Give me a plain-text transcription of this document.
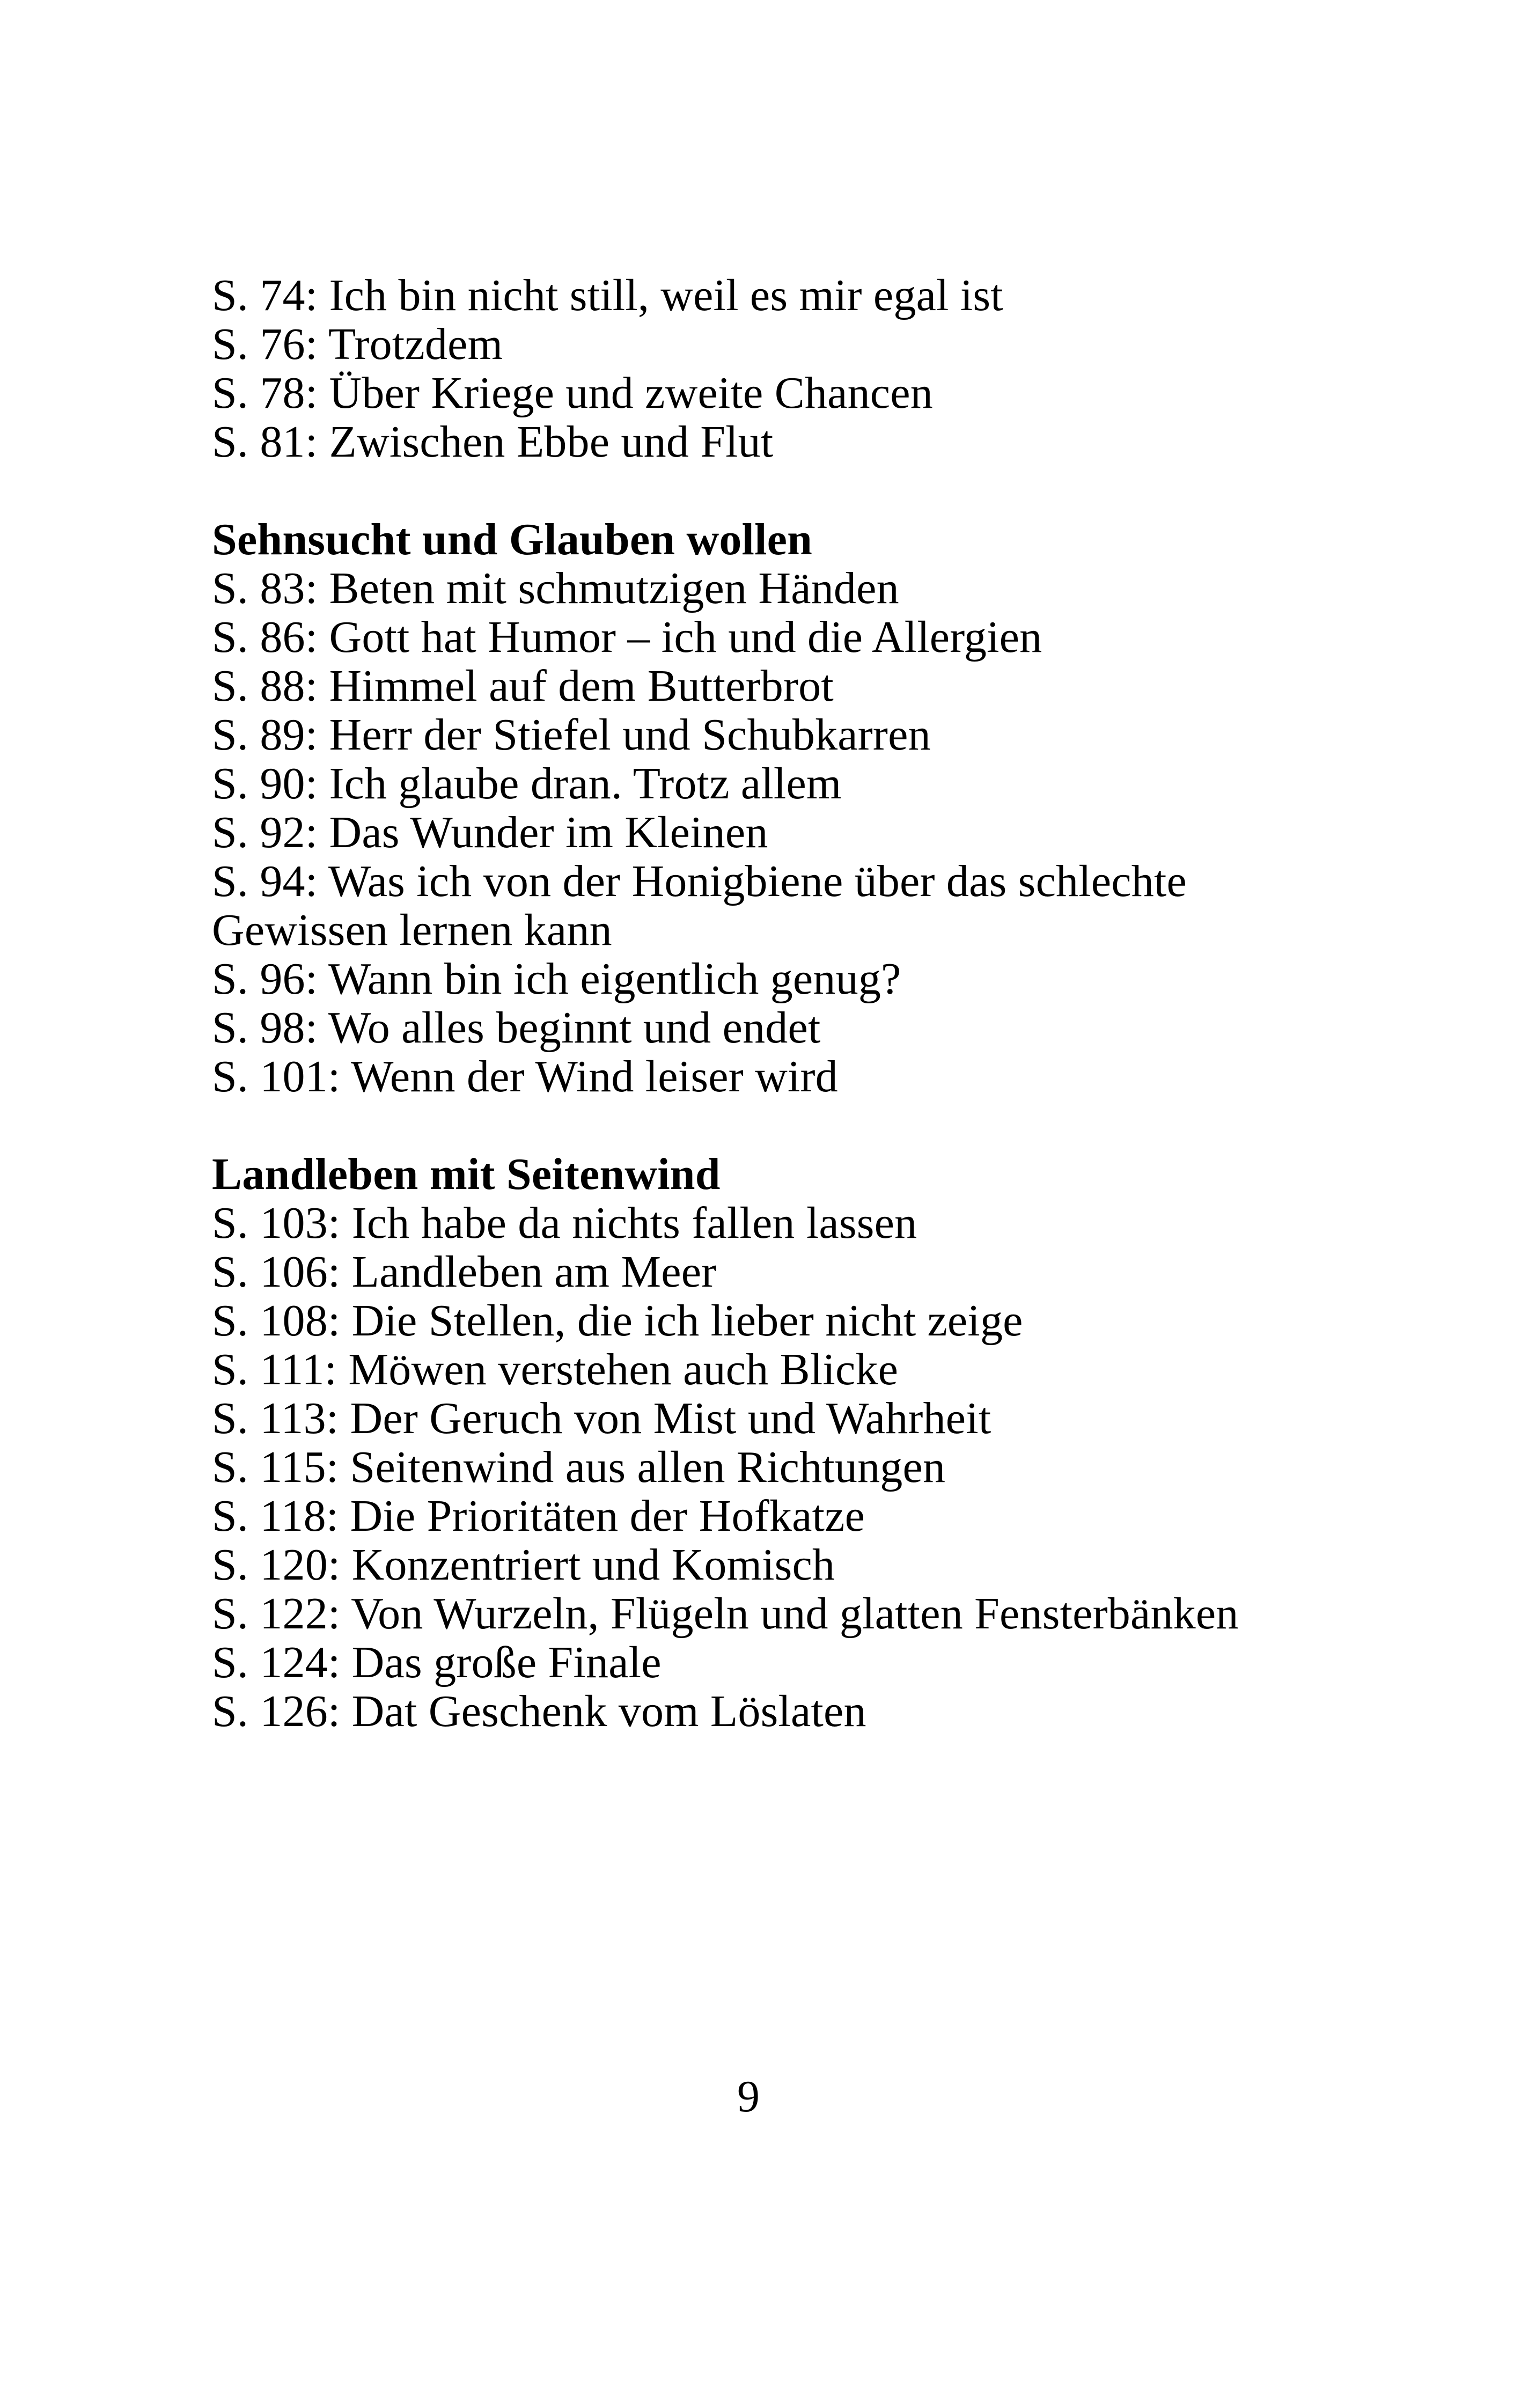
S. 74: Ich bin nicht still, weil es mir egal ist

S. 76: Trotzdem

S. 78: Über Kriege und zweite Chancen

S. 81: Zwischen Ebbe und Flut

Sehnsucht und Glauben wollen

S. 83: Beten mit schmutzigen Händen

S. 86: Gott hat Humor – ich und die Allergien

S. 88: Himmel auf dem Butterbrot

S. 89: Herr der Stiefel und Schubkarren

S. 90: Ich glaube dran. Trotz allem

S. 92: Das Wunder im Kleinen

S. 94: Was ich von der Honigbiene über das schlechte Gewissen lernen kann

S. 96: Wann bin ich eigentlich genug?

S. 98: Wo alles beginnt und endet

S. 101: Wenn der Wind leiser wird

Landleben mit Seitenwind

S. 103: Ich habe da nichts fallen lassen

S. 106: Landleben am Meer

S. 108: Die Stellen, die ich lieber nicht zeige

S. 111: Möwen verstehen auch Blicke

S. 113: Der Geruch von Mist und Wahrheit

S. 115: Seitenwind aus allen Richtungen

S. 118: Die Prioritäten der Hofkatze

S. 120: Konzentriert und Komisch

S. 122: Von Wurzeln, Flügeln und glatten Fensterbänken

S. 124: Das große Finale

S. 126: Dat Geschenk vom Löslaten

9
